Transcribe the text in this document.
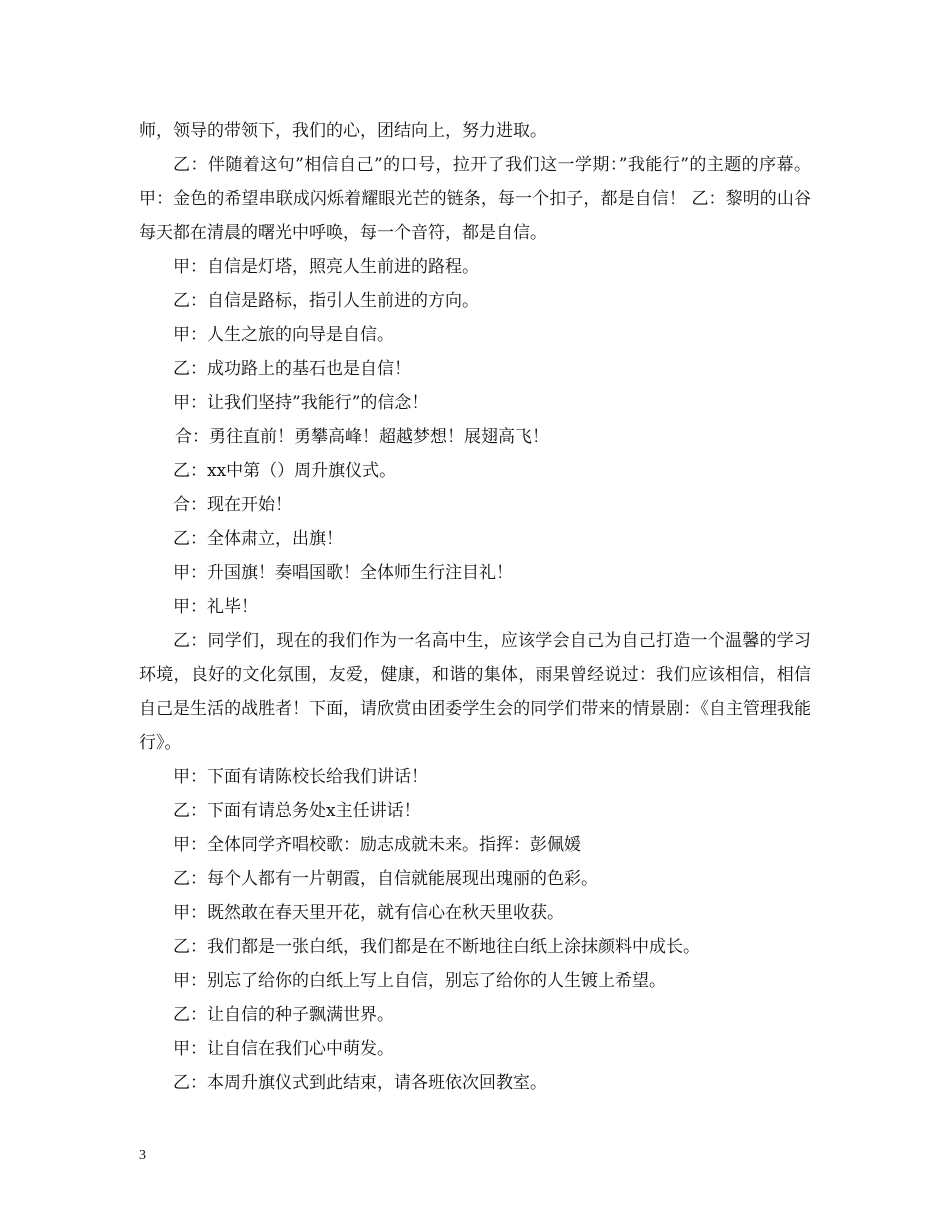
师，领导的带领下，我们的心，团结向上，努力进取。

乙：伴随着这句”相信自己”的口号，拉开了我们这一学期：”我能行”的主题的序幕。 甲：金色的希望串联成闪烁着耀眼光芒的链条，每一个扣子，都是自信！ 乙：黎明的山谷每天都在清晨的曙光中呼唤，每一个音符，都是自信。

甲：自信是灯塔，照亮人生前进的路程。

乙：自信是路标，指引人生前进的方向。

甲：人生之旅的向导是自信。

乙：成功路上的基石也是自信！

甲：让我们坚持”我能行”的信念！

合：勇往直前！勇攀高峰！超越梦想！展翅高飞！

乙：xx中第（）周升旗仪式。

合：现在开始！

乙：全体肃立，出旗！

甲：升国旗！奏唱国歌！全体师生行注目礼！

甲：礼毕！

乙：同学们，现在的我们作为一名高中生，应该学会自己为自己打造一个温馨的学习环境，良好的文化氛围，友爱，健康，和谐的集体，雨果曾经说过：我们应该相信，相信自己是生活的战胜者！下面，请欣赏由团委学生会的同学们带来的情景剧：《自主管理我能行》。

甲：下面有请陈校长给我们讲话！

乙：下面有请总务处x主任讲话！

甲：全体同学齐唱校歌：励志成就未来。指挥：彭佩媛

乙：每个人都有一片朝霞，自信就能展现出瑰丽的色彩。

甲：既然敢在春天里开花，就有信心在秋天里收获。

乙：我们都是一张白纸，我们都是在不断地往白纸上涂抹颜料中成长。

甲：别忘了给你的白纸上写上自信，别忘了给你的人生镀上希望。

乙：让自信的种子飘满世界。

甲：让自信在我们心中萌发。

乙：本周升旗仪式到此结束，请各班依次回教室。

3
